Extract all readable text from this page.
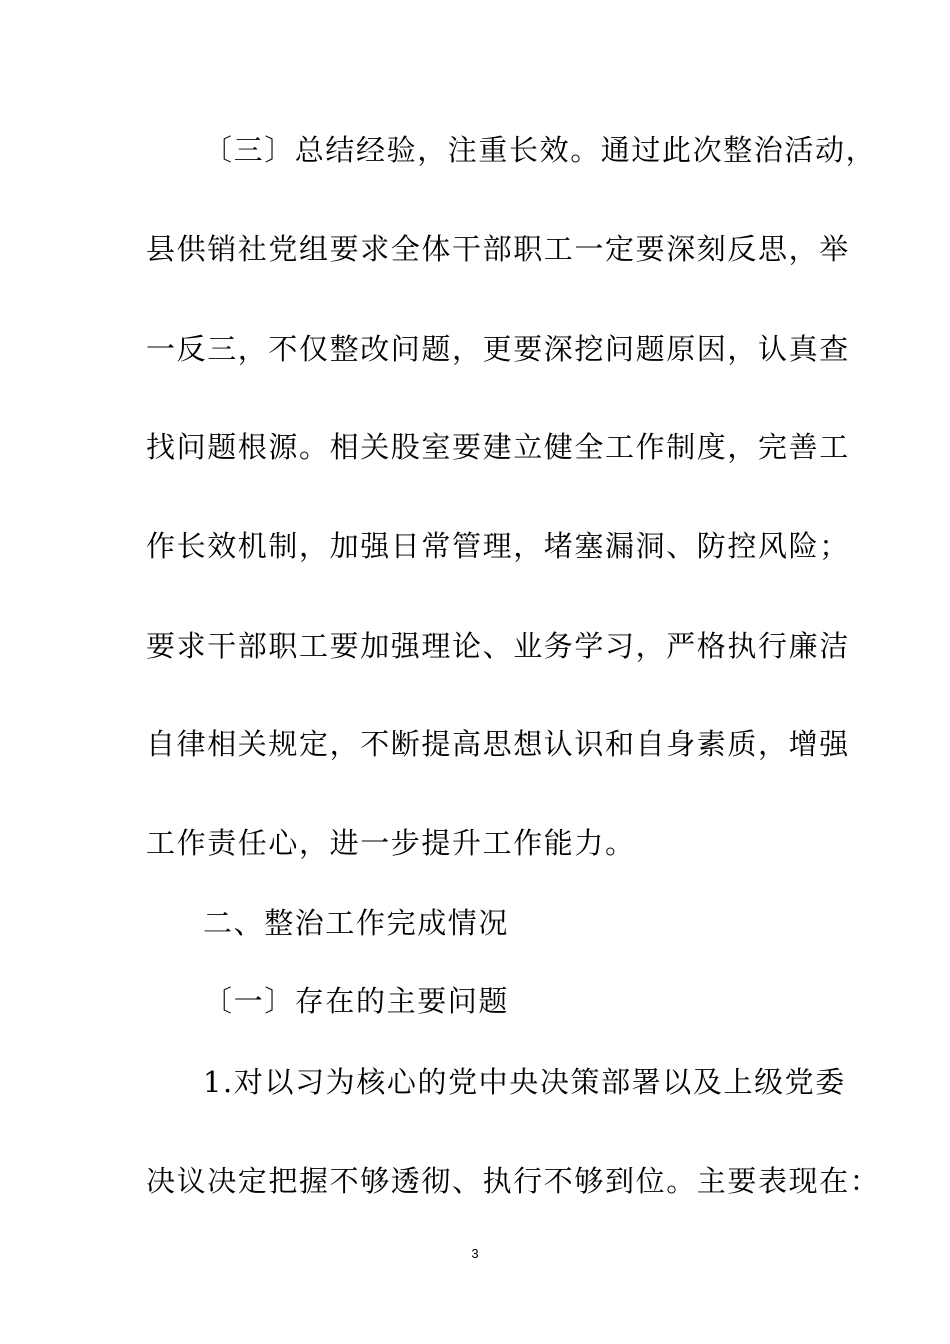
〔三〕总结经验，注重长效。通过此次整治活动，
县供销社党组要求全体干部职工一定要深刻反思，举
一反三，不仅整改问题，更要深挖问题原因，认真查
找问题根源。相关股室要建立健全工作制度，完善工
作长效机制，加强日常管理，堵塞漏洞、防控风险；
要求干部职工要加强理论、业务学习，严格执行廉洁
自律相关规定，不断提高思想认识和自身素质，增强
工作责任心，进一步提升工作能力。
二、整治工作完成情况
〔一〕存在的主要问题
1.对以习为核心的党中央决策部署以及上级党委
决议决定把握不够透彻、执行不够到位。主要表现在：
3
